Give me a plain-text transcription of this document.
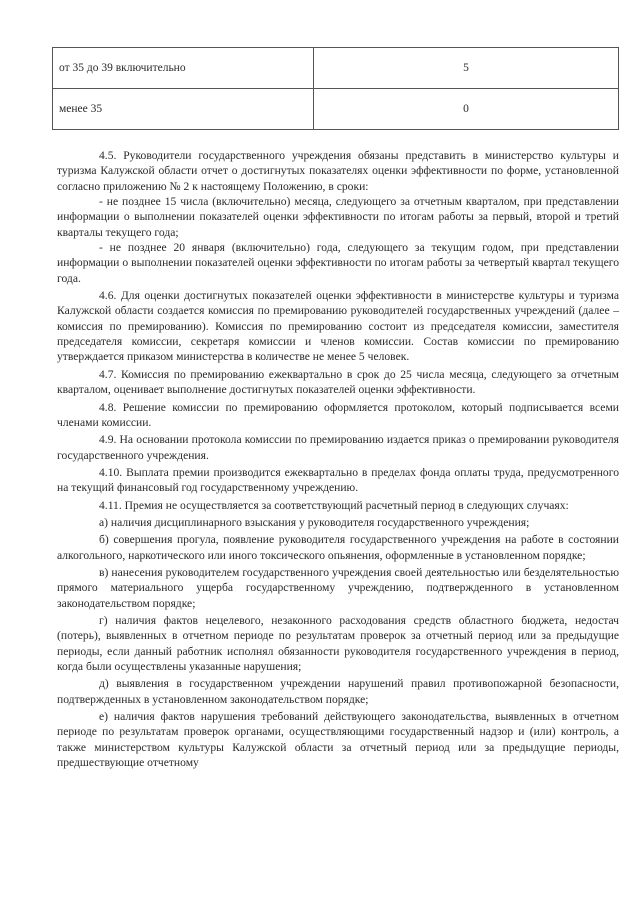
от 35 до 39 включительно	5
менее 35	0

4.5. Руководители государственного учреждения обязаны представить в министерство культуры и туризма Калужской области отчет о достигнутых показателях оценки эффективности по форме, установленной согласно приложению № 2 к настоящему Положению, в сроки:

- не позднее 15 числа (включительно) месяца, следующего за отчетным кварталом, при представлении информации о выполнении показателей оценки эффективности по итогам работы за первый, второй и третий кварталы текущего года;

- не позднее 20 января (включительно) года, следующего за текущим годом, при представлении информации о выполнении показателей оценки эффективности по итогам работы за четвертый квартал текущего года.

4.6. Для оценки достигнутых показателей оценки эффективности в министерстве культуры и туризма Калужской области создается комиссия по премированию руководителей государственных учреждений (далее – комиссия по премированию). Комиссия по премированию состоит из председателя комиссии, заместителя председателя комиссии, секретаря комиссии и членов комиссии. Состав комиссии по премированию утверждается приказом министерства в количестве не менее 5 человек.

4.7. Комиссия по премированию ежеквартально в срок до 25 числа месяца, следующего за отчетным кварталом, оценивает выполнение достигнутых показателей оценки эффективности.

4.8. Решение комиссии по премированию оформляется протоколом, который подписывается всеми членами комиссии.

4.9. На основании протокола комиссии по премированию издается приказ о премировании руководителя государственного учреждения.

4.10. Выплата премии производится ежеквартально в пределах фонда оплаты труда, предусмотренного на текущий финансовый год государственному учреждению.

4.11. Премия не осуществляется за соответствующий расчетный период в следующих случаях:

а) наличия дисциплинарного взыскания у руководителя государственного учреждения;

б) совершения прогула, появление руководителя государственного учреждения на работе в состоянии алкогольного, наркотического или иного токсического опьянения, оформленные в установленном порядке;

в) нанесения руководителем государственного учреждения своей деятельностью или безделятельностью прямого материального ущерба государственному учреждению, подтвержденного в установленном законодательством порядке;

г) наличия фактов нецелевого, незаконного расходования средств областного бюджета, недостач (потерь), выявленных в отчетном периоде по результатам проверок за отчетный период или за предыдущие периоды, если данный работник исполнял обязанности руководителя государственного учреждения в период, когда были осуществлены указанные нарушения;

д) выявления в государственном учреждении нарушений правил противопожарной безопасности, подтвержденных в установленном законодательством порядке;

е) наличия фактов нарушения требований действующего законодательства, выявленных в отчетном периоде по результатам проверок органами, осуществляющими государственный надзор и (или) контроль, а также министерством культуры Калужской области за отчетный период или за предыдущие периоды, предшествующие отчетному
